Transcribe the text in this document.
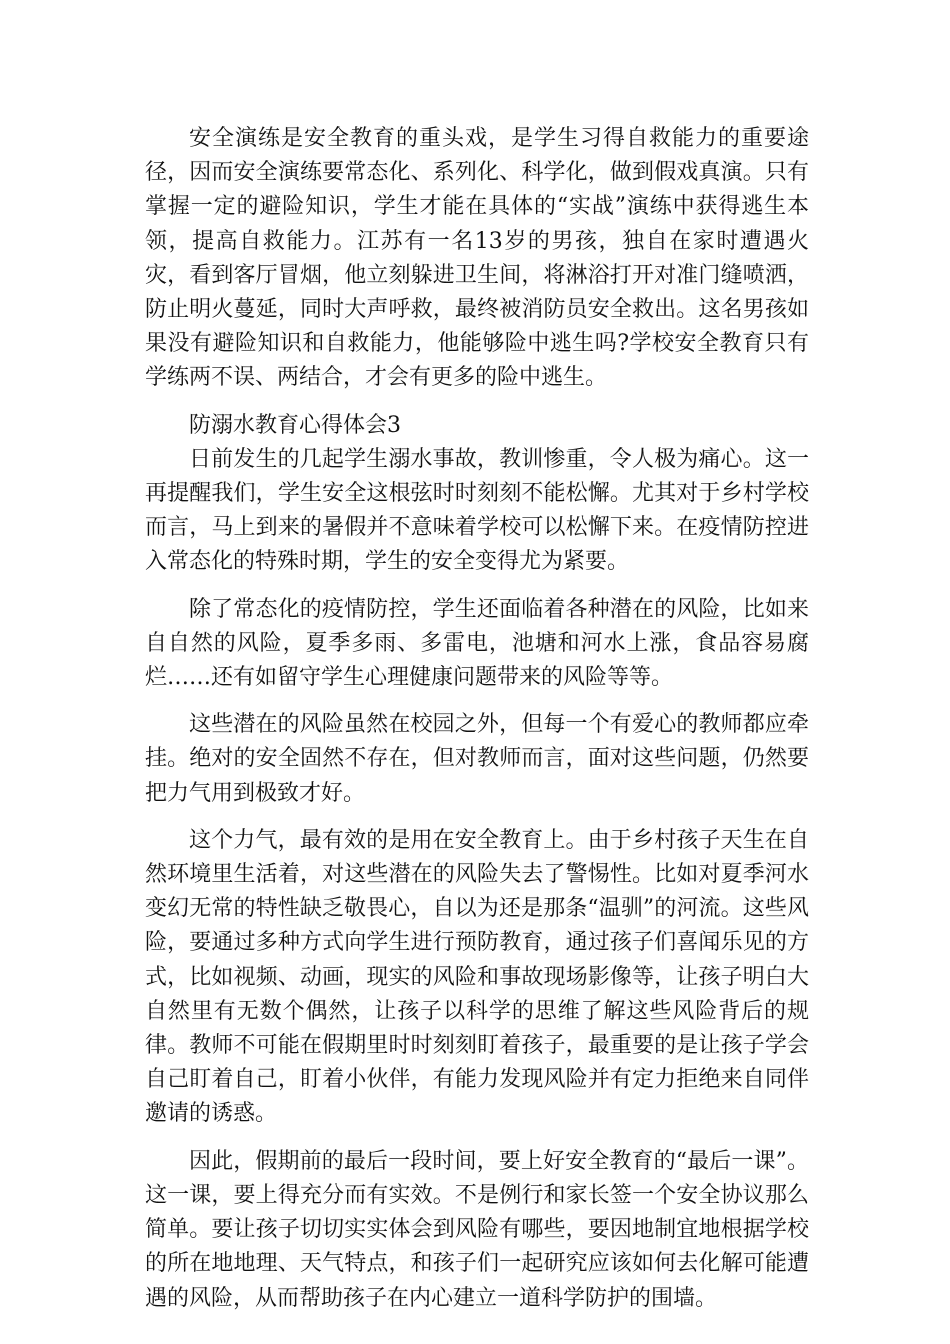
安全演练是安全教育的重头戏，是学生习得自救能力的重要途径，因而安全演练要常态化、系列化、科学化，做到假戏真演。只有掌握一定的避险知识，学生才能在具体的“实战”演练中获得逃生本领，提高自救能力。江苏有一名13岁的男孩，独自在家时遭遇火灾，看到客厅冒烟，他立刻躲进卫生间，将淋浴打开对准门缝喷洒，防止明火蔓延，同时大声呼救，最终被消防员安全救出。这名男孩如果没有避险知识和自救能力，他能够险中逃生吗?学校安全教育只有学练两不误、两结合，才会有更多的险中逃生。

防溺水教育心得体会3

日前发生的几起学生溺水事故，教训惨重，令人极为痛心。这一再提醒我们，学生安全这根弦时时刻刻不能松懈。尤其对于乡村学校而言，马上到来的暑假并不意味着学校可以松懈下来。在疫情防控进入常态化的特殊时期，学生的安全变得尤为紧要。

除了常态化的疫情防控，学生还面临着各种潜在的风险，比如来自自然的风险，夏季多雨、多雷电，池塘和河水上涨，食品容易腐烂……还有如留守学生心理健康问题带来的风险等等。

这些潜在的风险虽然在校园之外，但每一个有爱心的教师都应牵挂。绝对的安全固然不存在，但对教师而言，面对这些问题，仍然要把力气用到极致才好。

这个力气，最有效的是用在安全教育上。由于乡村孩子天生在自然环境里生活着，对这些潜在的风险失去了警惕性。比如对夏季河水变幻无常的特性缺乏敬畏心，自以为还是那条“温驯”的河流。这些风险，要通过多种方式向学生进行预防教育，通过孩子们喜闻乐见的方式，比如视频、动画，现实的风险和事故现场影像等，让孩子明白大自然里有无数个偶然，让孩子以科学的思维了解这些风险背后的规律。教师不可能在假期里时时刻刻盯着孩子，最重要的是让孩子学会自己盯着自己，盯着小伙伴，有能力发现风险并有定力拒绝来自同伴邀请的诱惑。

因此，假期前的最后一段时间，要上好安全教育的“最后一课”。这一课，要上得充分而有实效。不是例行和家长签一个安全协议那么简单。要让孩子切切实实体会到风险有哪些，要因地制宜地根据学校的所在地地理、天气特点，和孩子们一起研究应该如何去化解可能遭遇的风险，从而帮助孩子在内心建立一道科学防护的围墙。
